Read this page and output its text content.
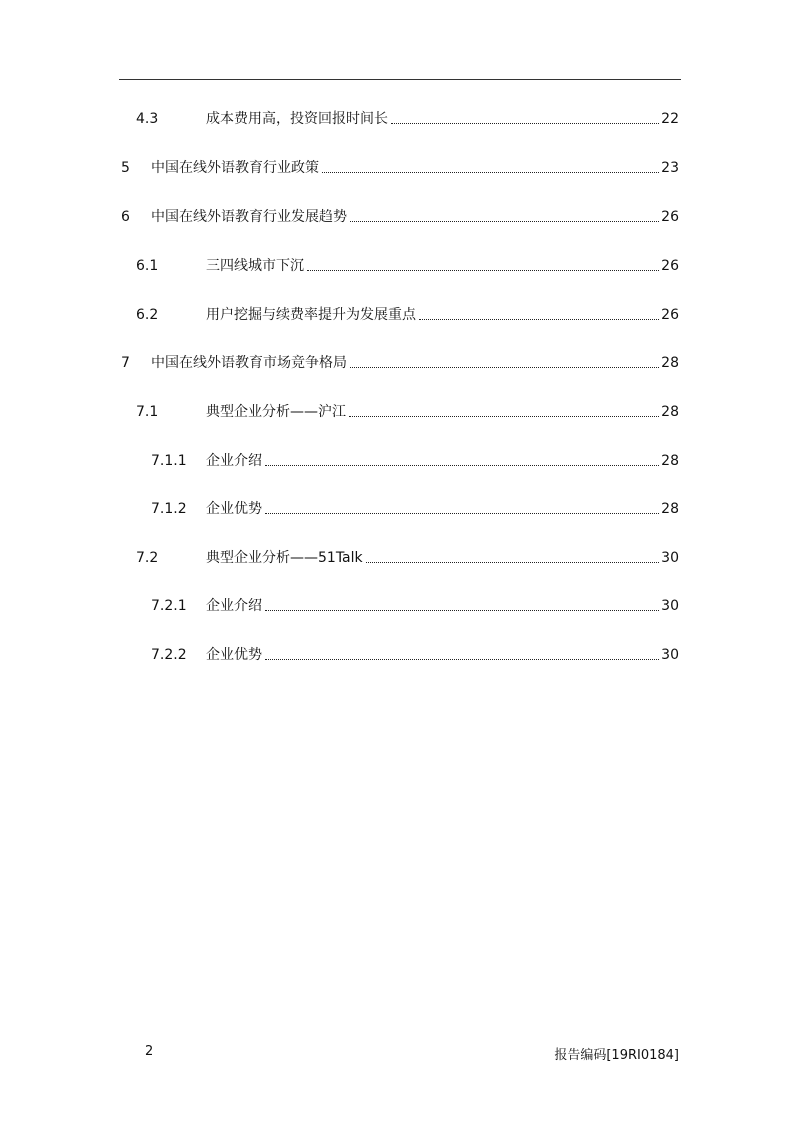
4.3	成本费用高，投资回报时间长	22
5	中国在线外语教育行业政策	23
6	中国在线外语教育行业发展趋势	26
6.1	三四线城市下沉	26
6.2	用户挖掘与续费率提升为发展重点	26
7	中国在线外语教育市场竞争格局	28
7.1	典型企业分析——沪江	28
7.1.1	企业介绍	28
7.1.2	企业优势	28
7.2	典型企业分析——51Talk	30
7.2.1	企业介绍	30
7.2.2	企业优势	30
2	报告编码[19RI0184]
